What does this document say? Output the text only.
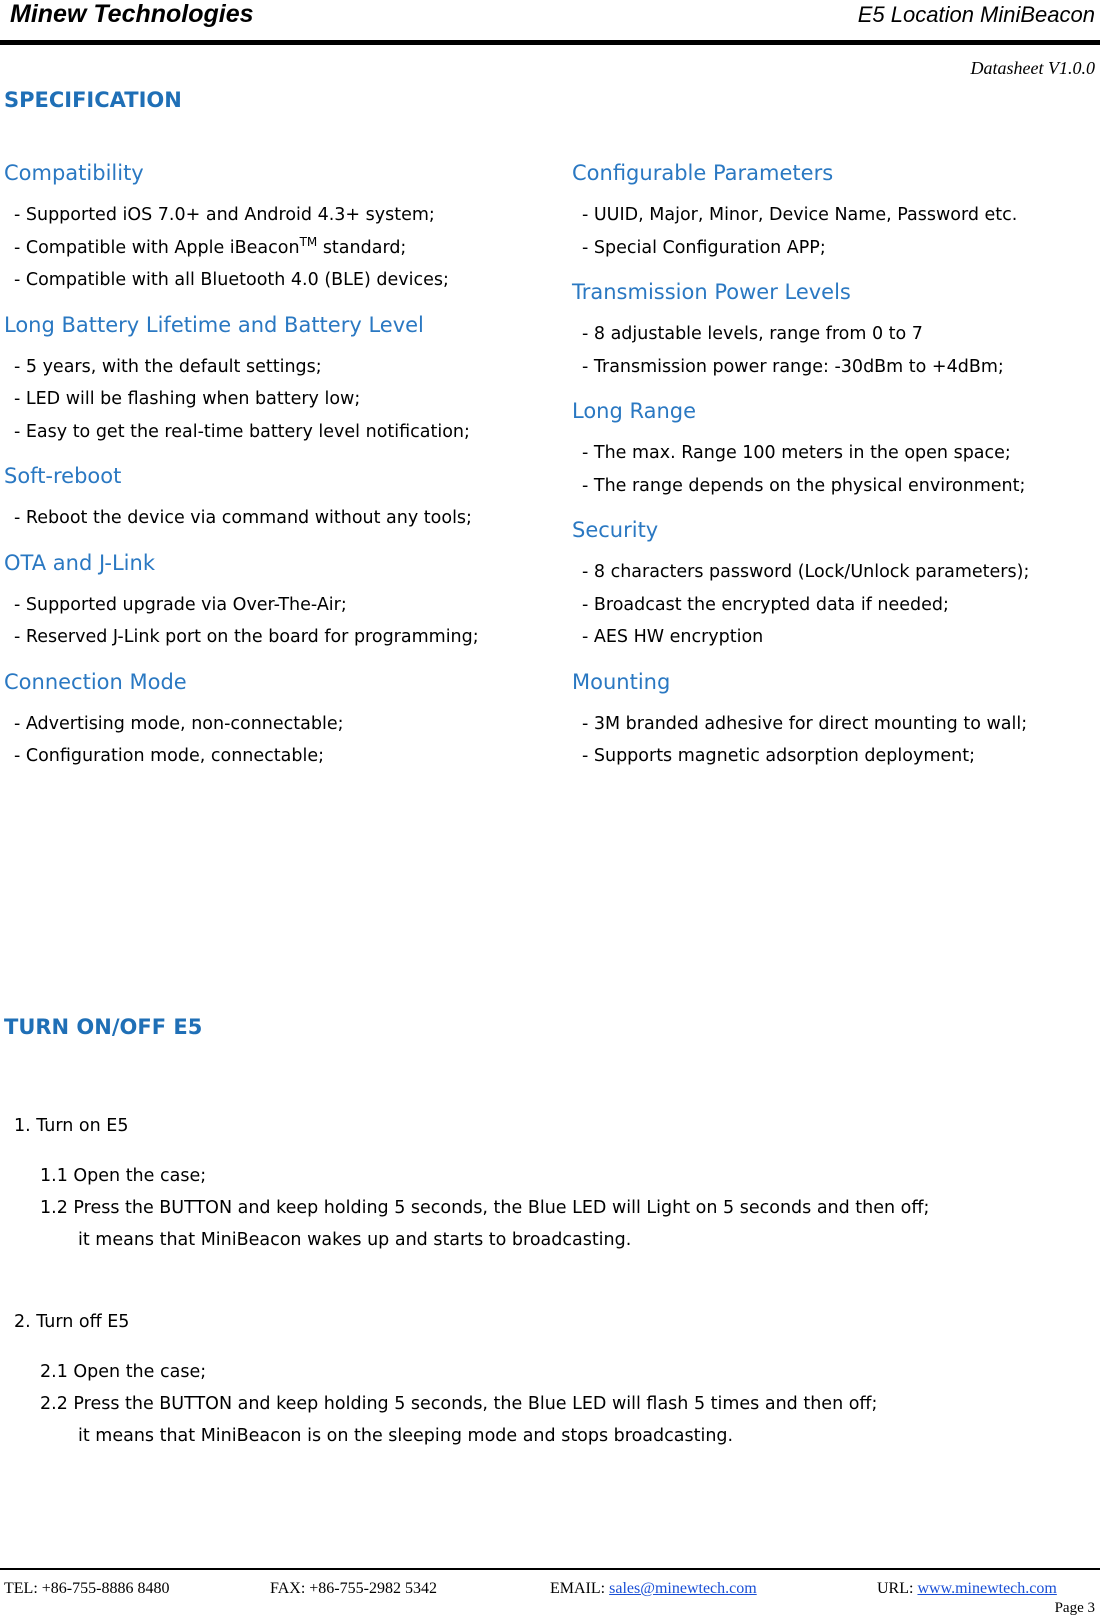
Minew Technologies	E5 Location MiniBeacon
Datasheet V1.0.0
SPECIFICATION
Compatibility
- Supported iOS 7.0+ and Android 4.3+ system;
- Compatible with Apple iBeacon™ standard;
- Compatible with all Bluetooth 4.0 (BLE) devices;
Long Battery Lifetime and Battery Level
- 5 years, with the default settings;
- LED will be flashing when battery low;
- Easy to get the real-time battery level notification;
Soft-reboot
- Reboot the device via command without any tools;
OTA and J-Link
- Supported upgrade via Over-The-Air;
- Reserved J-Link port on the board for programming;
Connection Mode
- Advertising mode, non-connectable;
- Configuration mode, connectable;
Configurable Parameters
- UUID, Major, Minor, Device Name, Password etc.
- Special Configuration APP;
Transmission Power Levels
- 8 adjustable levels, range from 0 to 7
- Transmission power range: -30dBm to +4dBm;
Long Range
- The max. Range 100 meters in the open space;
- The range depends on the physical environment;
Security
- 8 characters password (Lock/Unlock parameters);
- Broadcast the encrypted data if needed;
- AES HW encryption
Mounting
- 3M branded adhesive for direct mounting to wall;
- Supports magnetic adsorption deployment;
TURN ON/OFF E5
1. Turn on E5
1.1 Open the case;
1.2 Press the BUTTON and keep holding 5 seconds, the Blue LED will Light on 5 seconds and then off;
it means that MiniBeacon wakes up and starts to broadcasting.
2. Turn off E5
2.1 Open the case;
2.2 Press the BUTTON and keep holding 5 seconds, the Blue LED will flash 5 times and then off;
it means that MiniBeacon is on the sleeping mode and stops broadcasting.
TEL: +86-755-8886 8480	FAX: +86-755-2982 5342	EMAIL: sales@minewtech.com	URL: www.minewtech.com
Page 3
